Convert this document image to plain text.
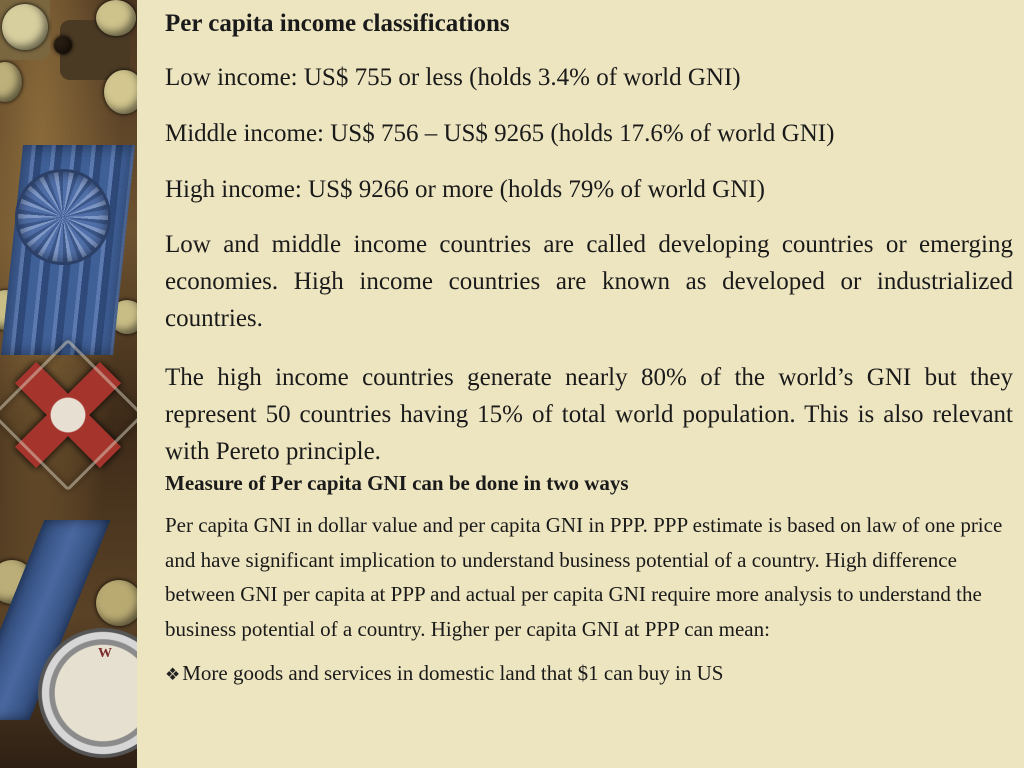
W

Per capita income classifications

Low income: US$ 755 or less (holds 3.4% of world GNI)

Middle income: US$ 756 – US$ 9265 (holds 17.6% of world GNI)

High income: US$ 9266 or more (holds 79% of world GNI)

Low and middle income countries are called developing countries or emerging economies. High income countries are known as developed or industrialized countries.

The high income countries generate nearly 80% of the world’s GNI but they represent 50 countries having 15% of total world population. This is also relevant with Pereto principle.

Measure of Per capita GNI can be done in two ways

Per capita GNI in dollar value and per capita GNI in PPP. PPP estimate is based on law of one price and have significant implication to understand business potential of a country. High difference between GNI per capita at PPP and actual per capita GNI require more analysis to understand the business potential of a country. Higher per capita GNI at PPP can mean:

❖ More goods and services in domestic land that $1 can buy in US
